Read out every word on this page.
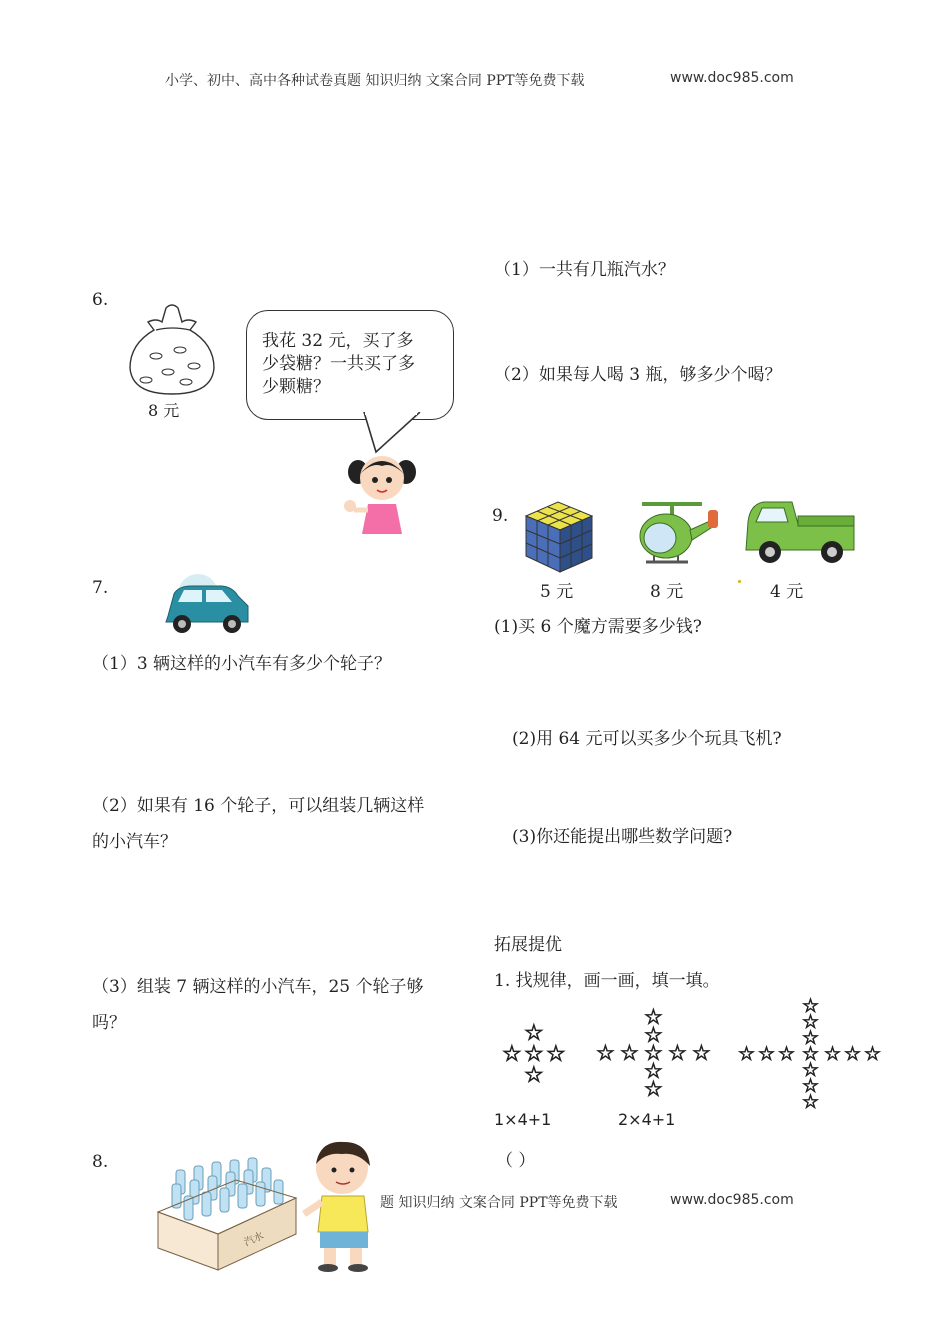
小学、初中、高中各种试卷真题 知识归纳 文案合同 PPT等免费下载	www.doc985.com
6.
8 元
我花 32 元，买了多
少袋糖？一共买了多
少颗糖？
7.
（1）3 辆这样的小汽车有多少个轮子？
（2）如果有 16 个轮子，可以组装几辆这样
的小汽车？
（3）组装 7 辆这样的小汽车，25 个轮子够
吗？
8.
汽水
（1）一共有几瓶汽水？
（2）如果每人喝 3 瓶，够多少个喝？
9.
5 元	8 元	4 元
(1)买 6 个魔方需要多少钱?
(2)用 64 元可以买多少个玩具飞机?
(3)你还能提出哪些数学问题?
拓展提优
1. 找规律，画一画，填一填。
☆
☆ ☆ ☆
☆
☆
☆
☆ ☆ ☆ ☆ ☆
☆
☆
☆
☆
☆
☆ ☆ ☆ ☆ ☆ ☆ ☆
☆
☆
☆
1×4+1	2×4+1
（ ）
题 知识归纳 文案合同 PPT等免费下载	www.doc985.com
